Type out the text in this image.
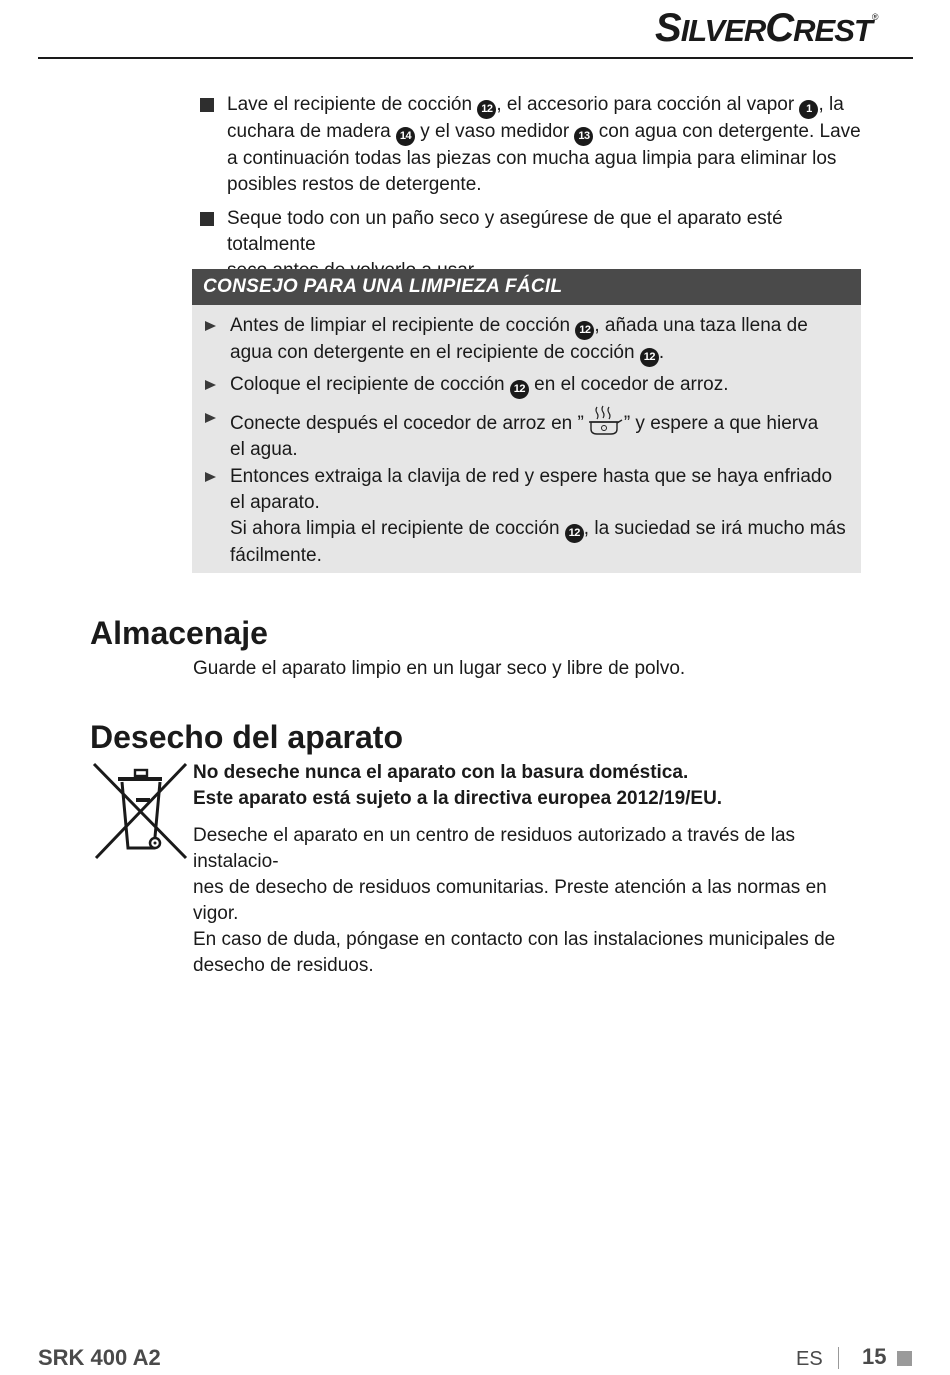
SILVERCREST®
Lave el recipiente de cocción 12 , el accesorio para cocción al vapor 1 , la
cuchara de madera 14 y el vaso medidor 13 con agua con detergente. Lave
a continuación todas las piezas con mucha agua limpia para eliminar los
posibles restos de detergente.
Seque todo con un paño seco y asegúrese de que el aparato esté totalmente
CONSEJO PARA UNA LIMPIEZA FÁCIL
Antes de limpiar el recipiente de cocción 12 , añada una taza llena de
agua con detergente en el recipiente de cocción 12 .
Coloque el recipiente de cocción 12 en el cocedor de arroz.
Conecte después el cocedor de arroz en ” ” y espere a que hierva
el agua.
Entonces extraiga la clavija de red y espere hasta que se haya enfriado
el aparato.
Si ahora limpia el recipiente de cocción 12 , la suciedad se irá mucho más
fácilmente.
Almacenaje
Guarde el aparato limpio en un lugar seco y libre de polvo.
Desecho del aparato
No deseche nunca el aparato con la basura doméstica.
Este aparato está sujeto a la directiva europea 2012/19/EU.
Deseche el aparato en un centro de residuos autorizado a través de las instalacio-
nes de desecho de residuos comunitarias. Preste atención a las normas en vigor.
En caso de duda, póngase en contacto con las instalaciones municipales de
desecho de residuos.
SRK 400 A2	ES 15
